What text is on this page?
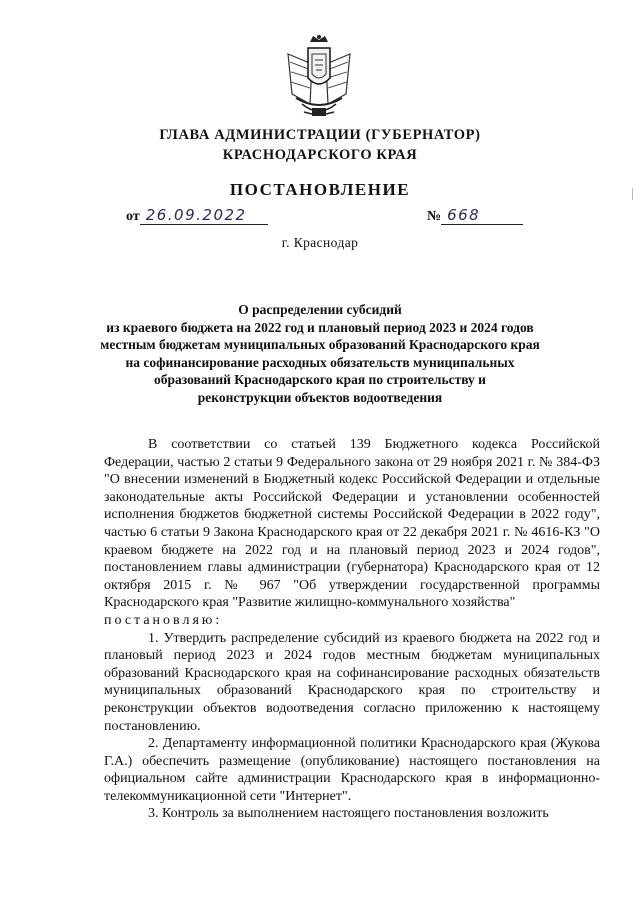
ГЛАВА АДМИНИСТРАЦИИ (ГУБЕРНАТОР)
КРАСНОДАРСКОГО КРАЯ
ПОСТАНОВЛЕНИЕ
от 26.09.2022	№ 668
г. Краснодар
О распределении субсидий
из краевого бюджета на 2022 год и плановый период 2023 и 2024 годов
местным бюджетам муниципальных образований Краснодарского края
на софинансирование расходных обязательств муниципальных
образований Краснодарского края по строительству и
реконструкции объектов водоотведения

В соответствии со статьей 139 Бюджетного кодекса Российской Федерации, частью 2 статьи 9 Федерального закона от 29 ноября 2021 г. № 384-ФЗ "О внесении изменений в Бюджетный кодекс Российской Федерации и отдельные законодательные акты Российской Федерации и установлении особенностей исполнения бюджетов бюджетной системы Российской Федерации в 2022 году", частью 6 статьи 9 Закона Краснодарского края от 22 декабря 2021 г. № 4616-КЗ "О краевом бюджете на 2022 год и на плановый период 2023 и 2024 годов", постановлением главы администрации (губернатора) Краснодарского края от 12 октября 2015 г. № 967 "Об утверждении государственной программы Краснодарского края "Развитие жилищно-коммунального хозяйства"

постановляю:

1. Утвердить распределение субсидий из краевого бюджета на 2022 год и плановый период 2023 и 2024 годов местным бюджетам муниципальных образований Краснодарского края на софинансирование расходных обязательств муниципальных образований Краснодарского края по строительству и реконструкции объектов водоотведения согласно приложению к настоящему постановлению.

2. Департаменту информационной политики Краснодарского края (Жукова Г.А.) обеспечить размещение (опубликование) настоящего постановления на официальном сайте администрации Краснодарского края в информационно-телекоммуникационной сети "Интернет".

3. Контроль за выполнением настоящего постановления возложить
